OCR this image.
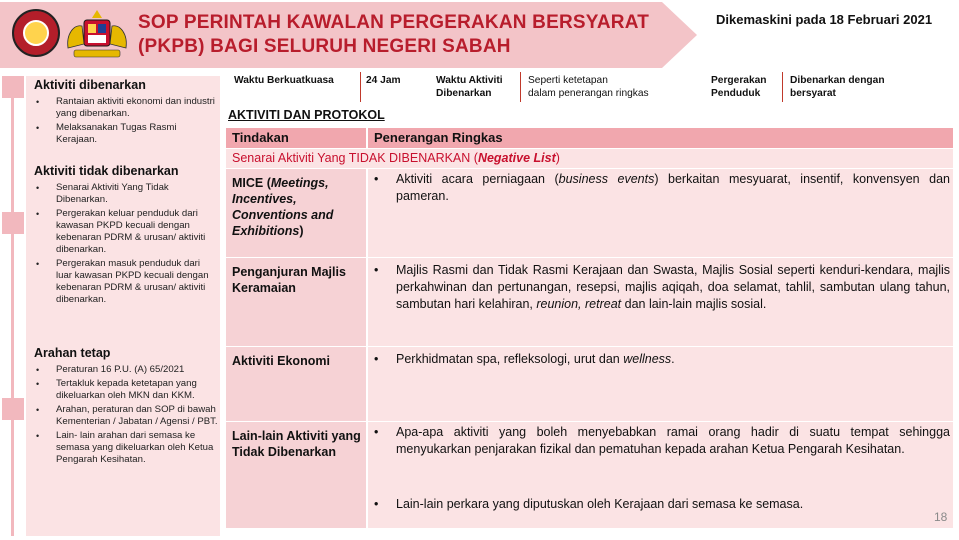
SOP PERINTAH KAWALAN PERGERAKAN BERSYARAT
(PKPB) BAGI SELURUH NEGERI SABAH
Dikemaskini pada 18 Februari 2021
Aktiviti dibenarkan
• Rantaian aktiviti ekonomi dan industri yang dibenarkan.
• Melaksanakan Tugas Rasmi Kerajaan.
Aktiviti tidak dibenarkan
• Senarai Aktiviti Yang Tidak Dibenarkan.
• Pergerakan keluar penduduk dari kawasan PKPD kecuali dengan kebenaran PDRM & urusan/ aktiviti dibenarkan.
• Pergerakan masuk penduduk dari luar kawasan PKPD kecuali dengan kebenaran PDRM & urusan/ aktiviti dibenarkan.
Arahan tetap
• Peraturan 16 P.U. (A) 65/2021
• Tertakluk kepada ketetapan yang dikeluarkan oleh MKN dan KKM.
• Arahan, peraturan dan SOP di bawah Kementerian / Jabatan / Agensi / PBT.
• Lain- lain arahan dari semasa ke semasa yang dikeluarkan oleh Ketua Pengarah Kesihatan.
Waktu Berkuatkuasa	24 Jam	Waktu Aktiviti
Dibenarkan
Seperti ketetapan
dalam penerangan ringkas
Pergerakan
Penduduk
Dibenarkan dengan
bersyarat
AKTIVITI DAN PROTOKOL
Tindakan	Penerangan Ringkas
Senarai Aktiviti Yang TIDAK DIBENARKAN (Negative List)
MICE (Meetings, Incentives, Conventions and Exhibitions)
• Aktiviti acara perniagaan (business events) berkaitan mesyuarat, insentif, konvensyen dan pameran.
Penganjuran Majlis Keramaian
• Majlis Rasmi dan Tidak Rasmi Kerajaan dan Swasta, Majlis Sosial seperti kenduri-kendara, majlis perkahwinan dan pertunangan, resepsi, majlis aqiqah, doa selamat, tahlil, sambutan ulang tahun, sambutan hari kelahiran, reunion, retreat dan lain-lain majlis sosial.
Aktiviti Ekonomi	• Perkhidmatan spa, refleksologi, urut dan wellness.
Lain-lain Aktiviti yang Tidak Dibenarkan
• Apa-apa aktiviti yang boleh menyebabkan ramai orang hadir di suatu tempat sehingga menyukarkan penjarakan fizikal dan pematuhan kepada arahan Ketua Pengarah Kesihatan.
• Lain-lain perkara yang diputuskan oleh Kerajaan dari semasa ke semasa.
18
